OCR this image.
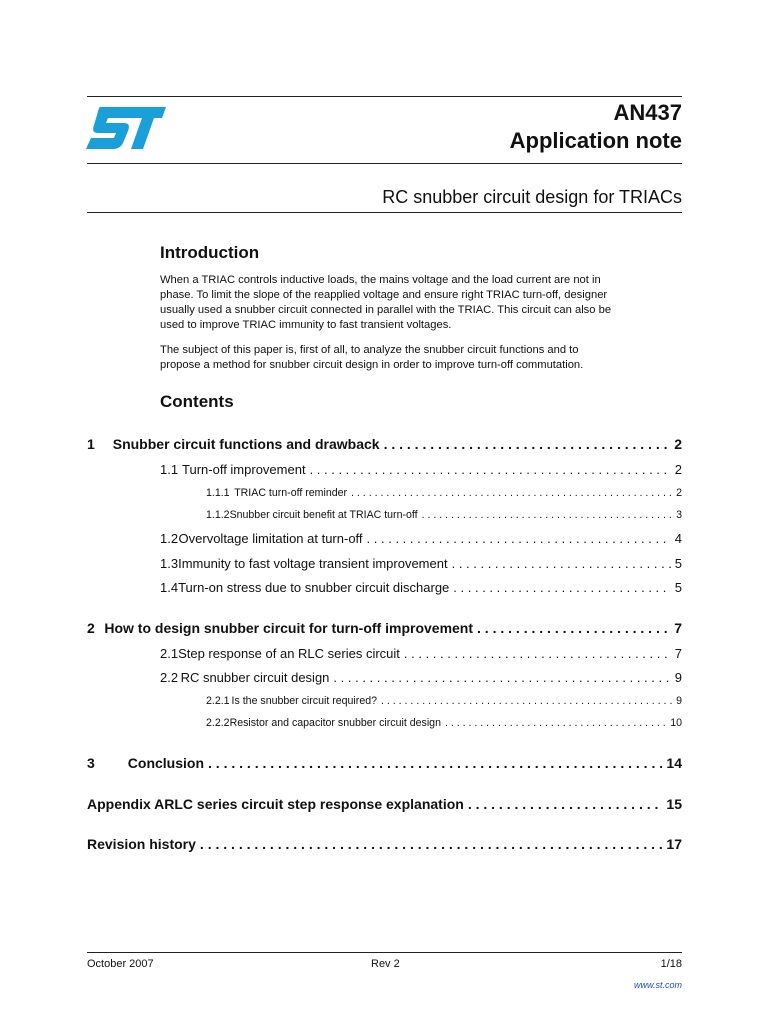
AN437
Application note
RC snubber circuit design for TRIACs
Introduction

When a TRIAC controls inductive loads, the mains voltage and the load current are not in

phase. To limit the slope of the reapplied voltage and ensure right TRIAC turn-off, designer

usually used a snubber circuit connected in parallel with the TRIAC. This circuit can also be

used to improve TRIAC immunity to fast transient voltages.

The subject of this paper is, first of all, to analyze the snubber circuit functions and to

propose a method for snubber circuit design in order to improve turn-off commutation.

Contents
1	Snubber circuit functions and drawback . . .	2
1.1 Turn-off improvement . . .	2
1.1.1 TRIAC turn-off reminder . . .	2
1.1.2 Snubber circuit benefit at TRIAC turn-off . . .	3
1.2 Overvoltage limitation at turn-off . . .	4
1.3 Immunity to fast voltage transient improvement . . .	5
1.4 Turn-on stress due to snubber circuit discharge . . .	5
2 How to design snubber circuit for turn-off improvement . . .	7
2.1 Step response of an RLC series circuit . . .	7
2.2 RC snubber circuit design . . .	9
2.2.1 Is the snubber circuit required? . . .	9
2.2.2 Resistor and capacitor snubber circuit design . . .	10
3	Conclusion . . .	14
Appendix A RLC series circuit step response explanation . . .	15
Revision history . . .	17
October 2007	Rev 2	1/18
www.st.com
